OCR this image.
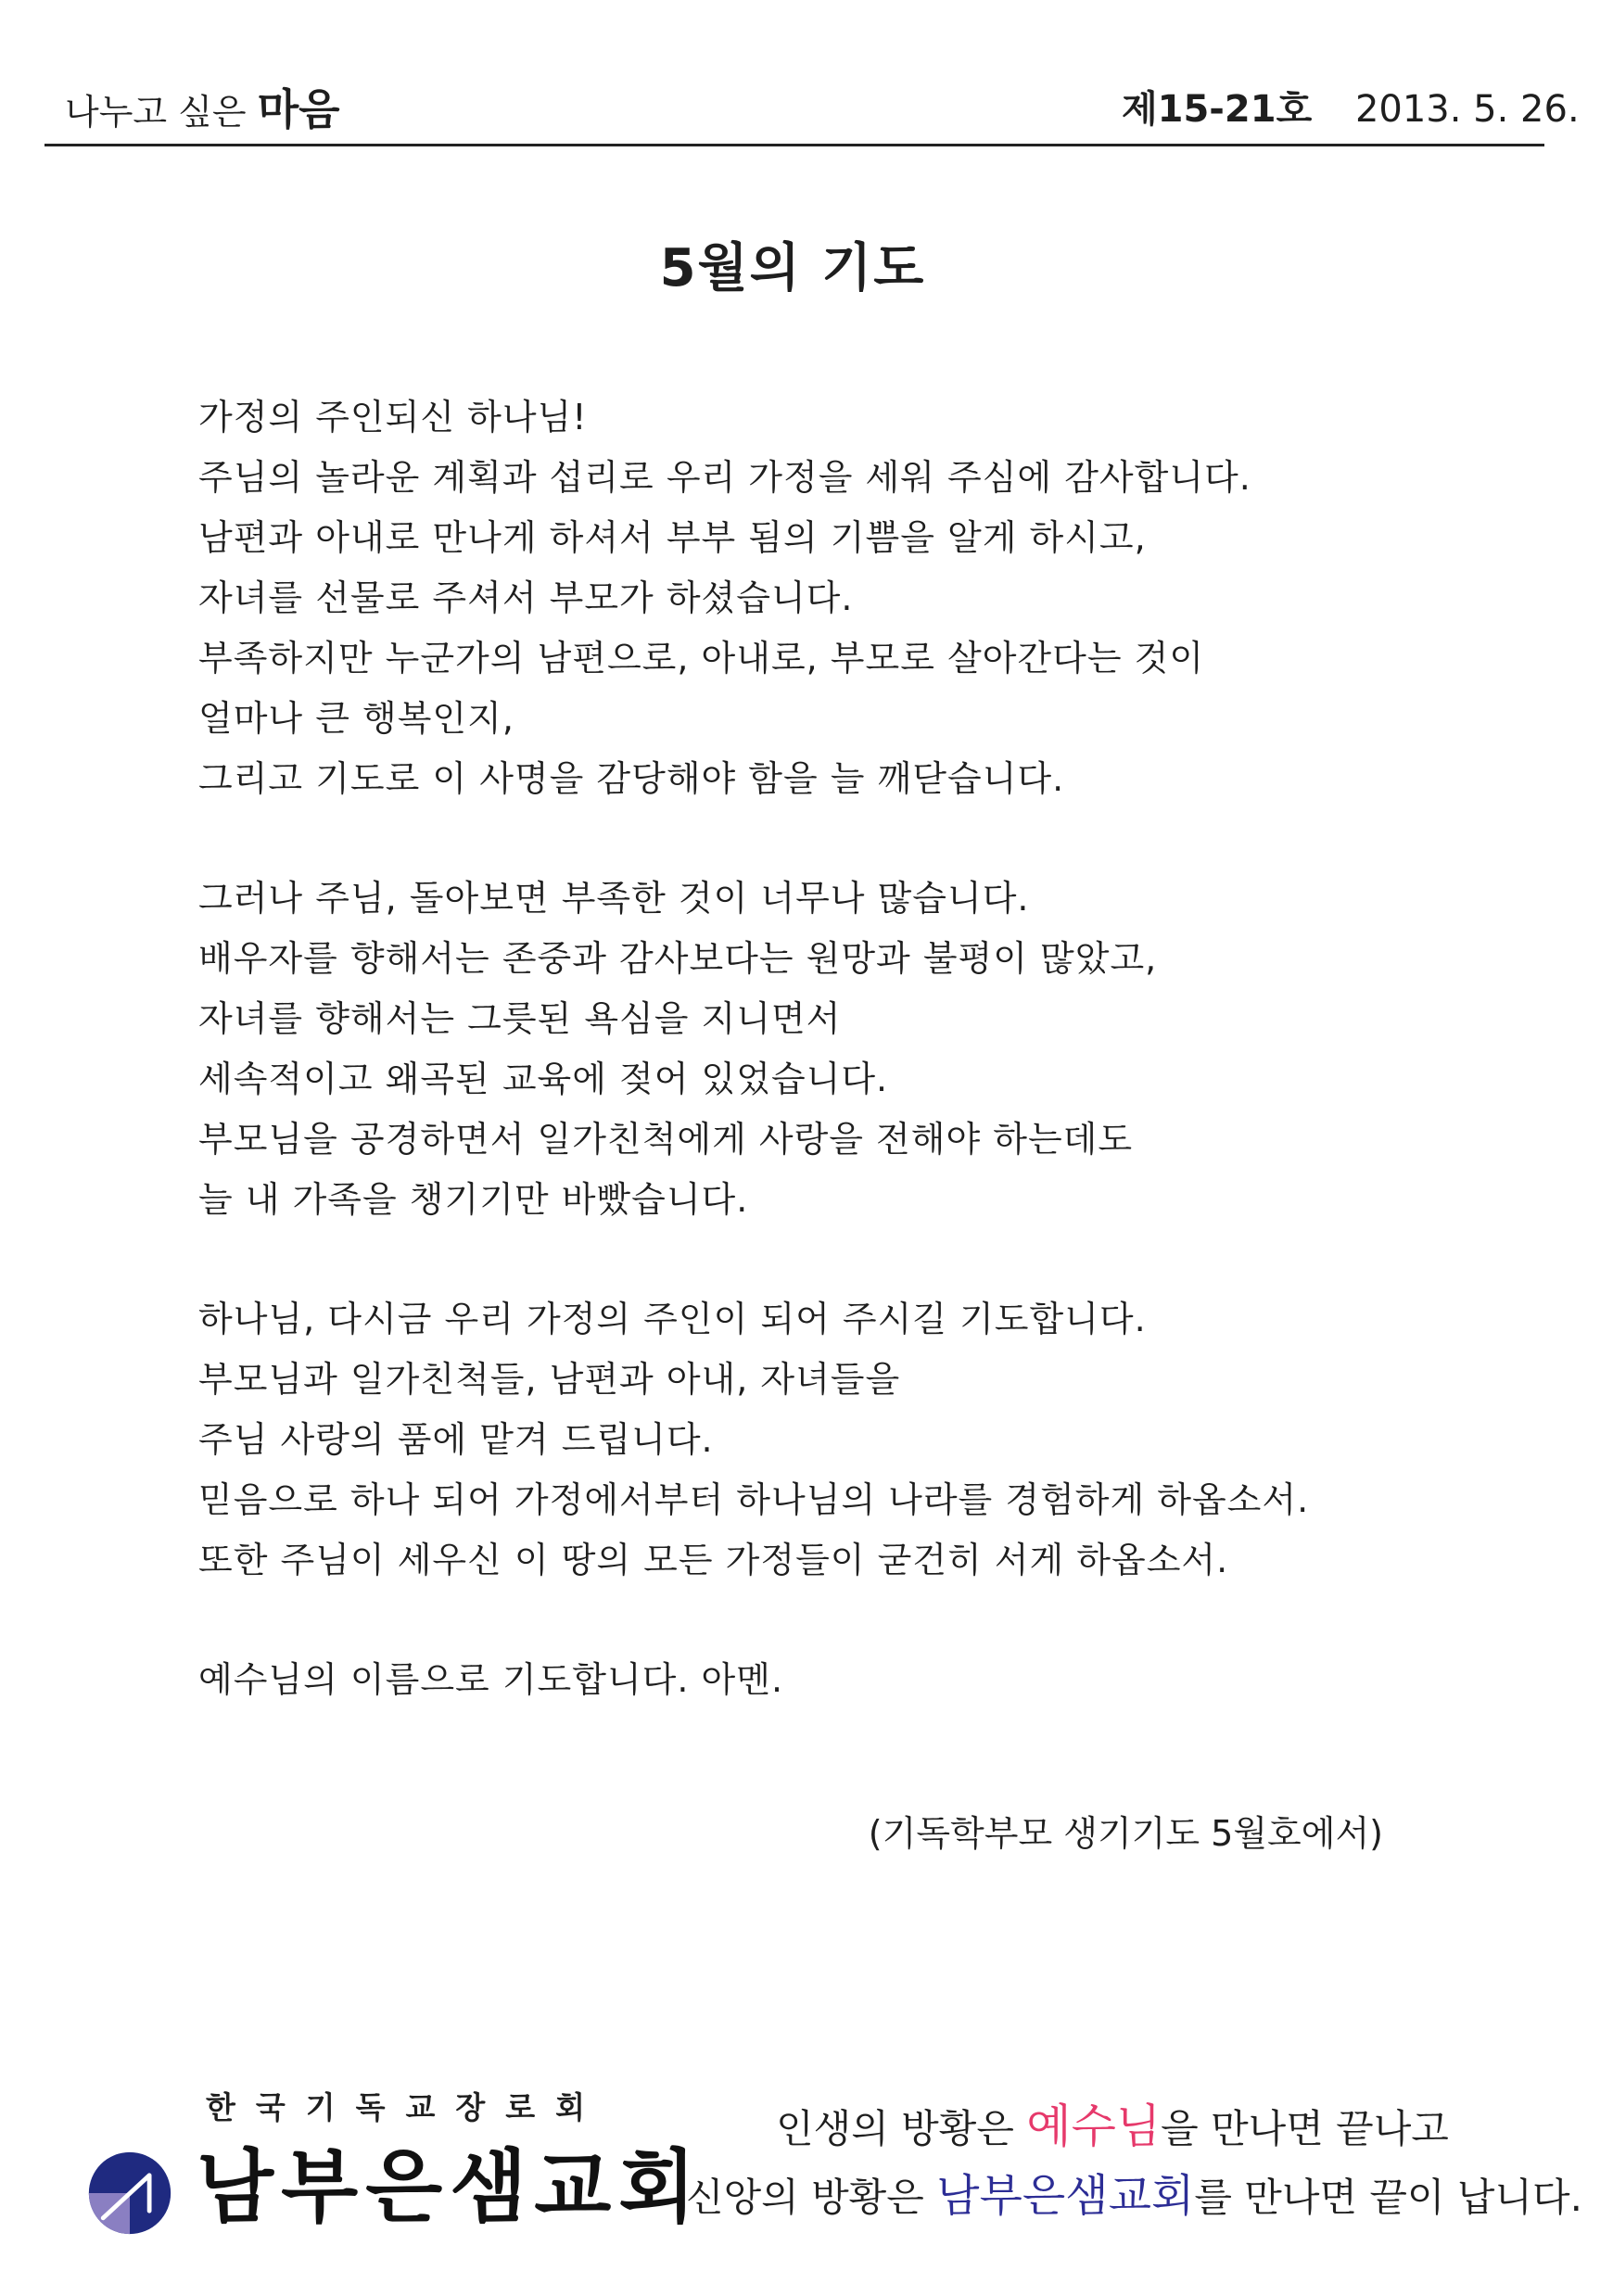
나누고 싶은 마음	제15-21호 2013. 5. 26.
5월의 기도
가정의 주인되신 하나님!
주님의 놀라운 계획과 섭리로 우리 가정을 세워 주심에 감사합니다.
남편과 아내로 만나게 하셔서 부부 됨의 기쁨을 알게 하시고,
자녀를 선물로 주셔서 부모가 하셨습니다.
부족하지만 누군가의 남편으로, 아내로, 부모로 살아간다는 것이
얼마나 큰 행복인지,
그리고 기도로 이 사명을 감당해야 함을 늘 깨닫습니다.
그러나 주님, 돌아보면 부족한 것이 너무나 많습니다.
배우자를 향해서는 존중과 감사보다는 원망과 불평이 많았고,
자녀를 향해서는 그릇된 욕심을 지니면서
세속적이고 왜곡된 교육에 젖어 있었습니다.
부모님을 공경하면서 일가친척에게 사랑을 전해야 하는데도
늘 내 가족을 챙기기만 바빴습니다.
하나님, 다시금 우리 가정의 주인이 되어 주시길 기도합니다.
부모님과 일가친척들, 남편과 아내, 자녀들을
주님 사랑의 품에 맡겨 드립니다.
믿음으로 하나 되어 가정에서부터 하나님의 나라를 경험하게 하옵소서.
또한 주님이 세우신 이 땅의 모든 가정들이 굳건히 서게 하옵소서.
예수님의 이름으로 기도합니다. 아멘.
(기독학부모 생기기도 5월호에서)
한국기독교장로회
남부은샘교회
인생의 방황은 예수님을 만나면 끝나고
신앙의 방황은 남부은샘교회를 만나면 끝이 납니다.
